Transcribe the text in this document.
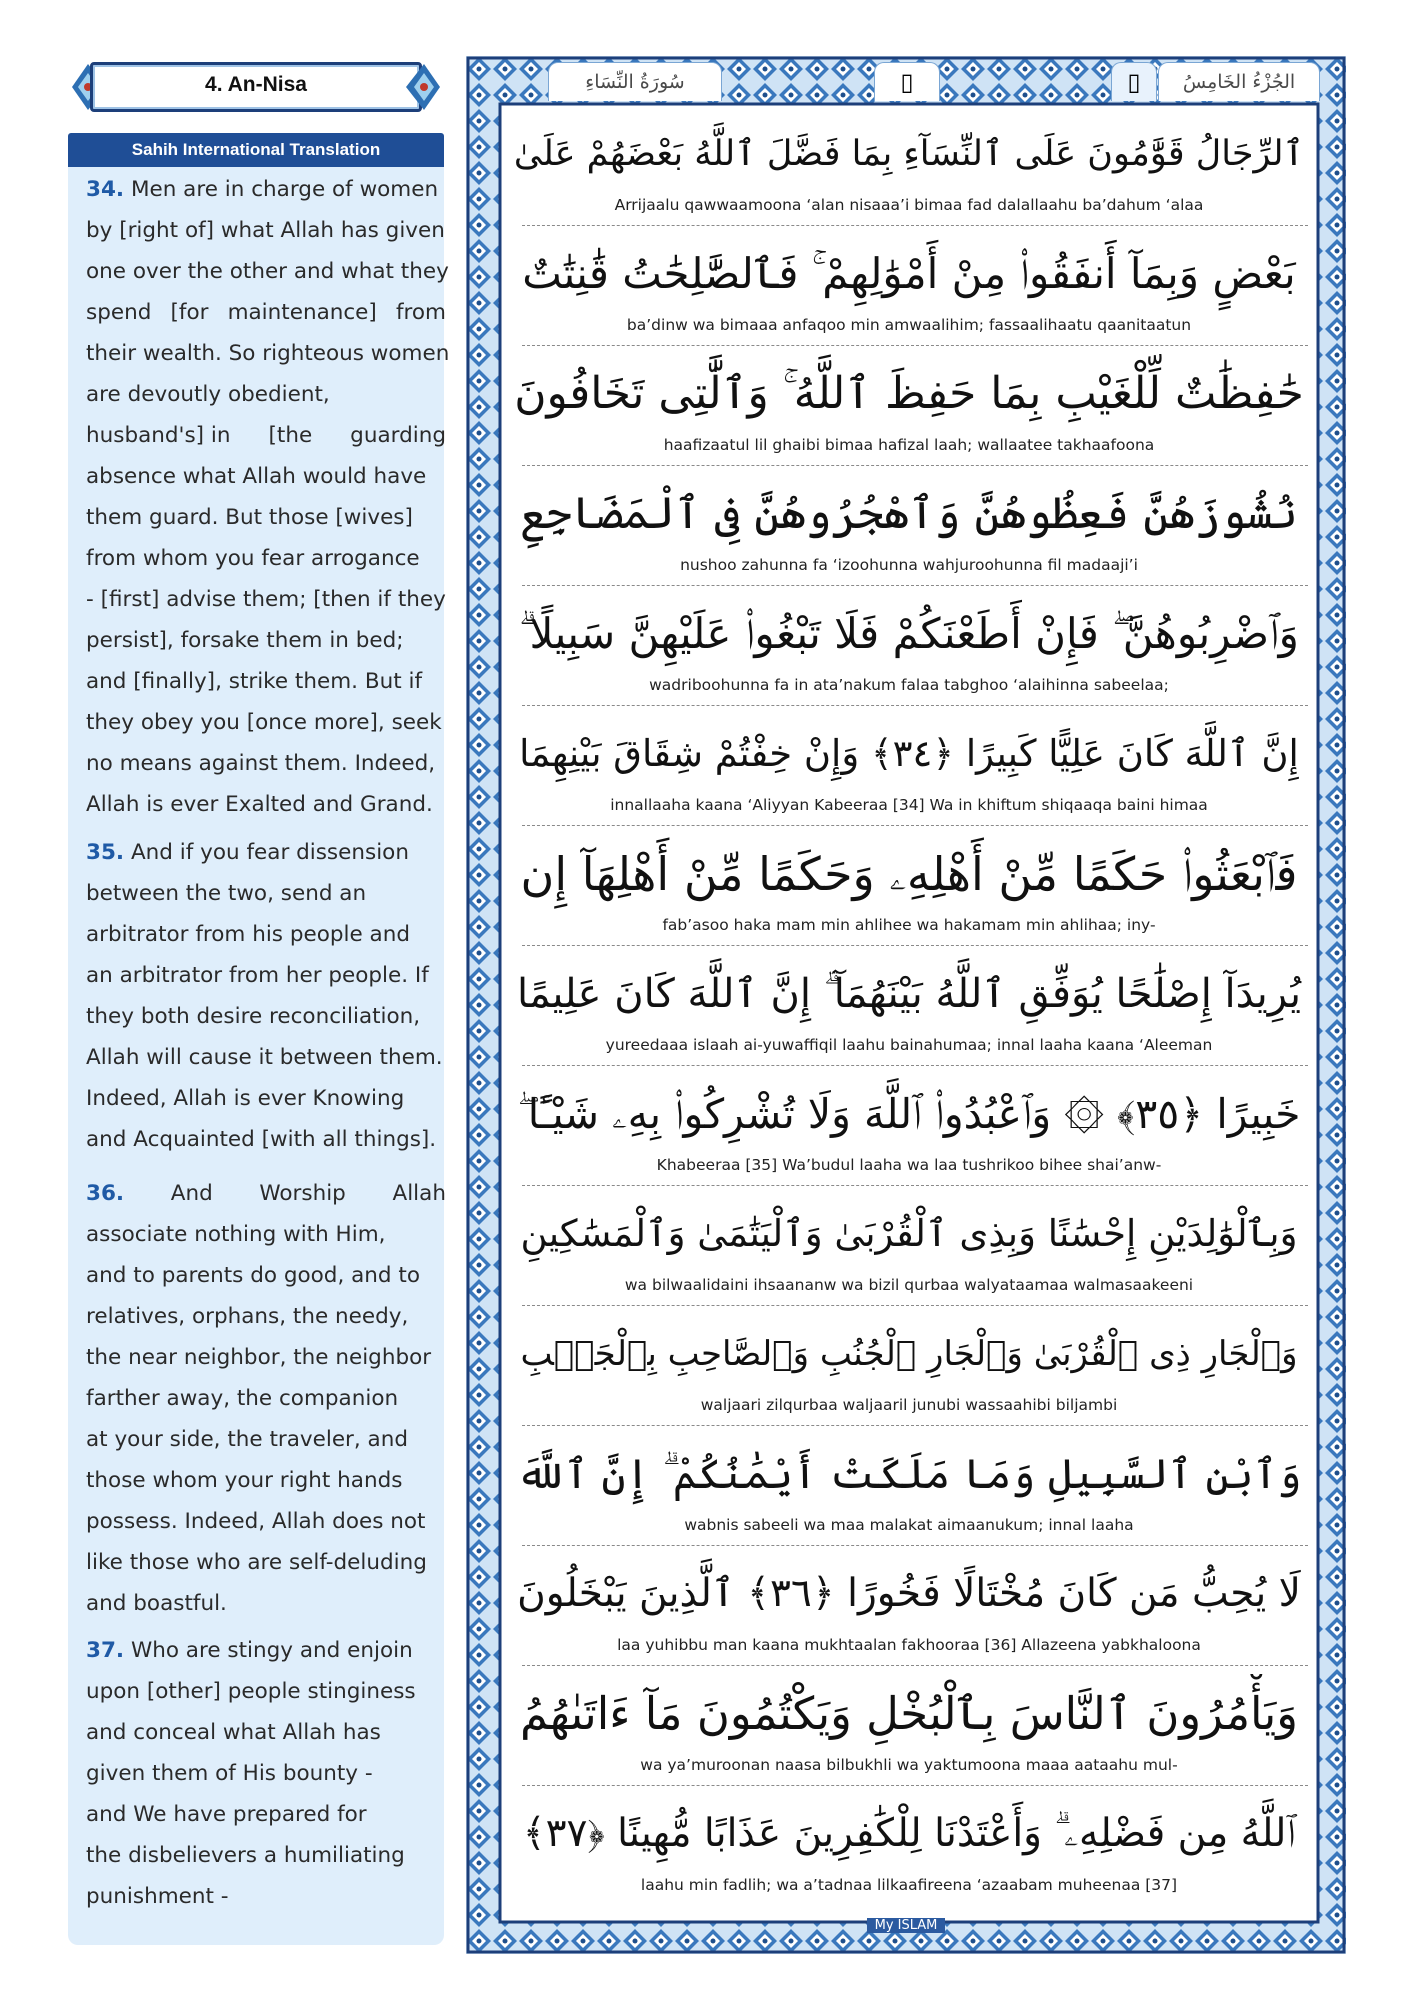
4. An-Nisa
Sahih International Translation
34. Men are in charge of women
by [right of] what Allah has given
one over the other and what they
spend [for maintenance] from
their wealth. So righteous women
are devoutly obedient,
husband's] in [the guarding
absence what Allah would have
them guard. But those [wives]
from whom you fear arrogance
- [first] advise them; [then if they
persist], forsake them in bed;
and [finally], strike them. But if
they obey you [once more], seek
no means against them. Indeed,
Allah is ever Exalted and Grand.
35. And if you fear dissension
between the two, send an
arbitrator from his people and
an arbitrator from her people. If
they both desire reconciliation,
Allah will cause it between them.
Indeed, Allah is ever Knowing
and Acquainted [with all things].
36. And Worship Allah
associate nothing with Him,
and to parents do good, and to
relatives, orphans, the needy,
the near neighbor, the neighbor
farther away, the companion
at your side, the traveler, and
those whom your right hands
possess. Indeed, Allah does not
like those who are self-deluding
and boastful.
37. Who are stingy and enjoin
upon [other] people stinginess
and conceal what Allah has
given them of His bounty -
and We have prepared for
the disbelievers a humiliating
punishment -
سُورَةُ النِّسَاءِ	▯	▯	الجُزْءُ الخَامِسُ
ٱلرِّجَالُ قَوَّٰمُونَ عَلَى ٱلنِّسَآءِ بِمَا فَضَّلَ ٱللَّهُ بَعْضَهُمْ عَلَىٰ
Arrijaalu qawwaamoona ‘alan nisaaa’i bimaa fad dalallaahu ba’dahum ‘alaa
بَعْضٍ وَبِمَآ أَنفَقُوا۟ مِنْ أَمْوَٰلِهِمْ ۚ فَٱلصَّٰلِحَٰتُ قَٰنِتَٰتٌ
ba’dinw wa bimaaa anfaqoo min amwaalihim; fassaalihaatu qaanitaatun
حَٰفِظَٰتٌ لِّلْغَيْبِ بِمَا حَفِظَ ٱللَّهُ ۚ وَٱلَّٰتِى تَخَافُونَ
haafizaatul lil ghaibi bimaa hafizal laah; wallaatee takhaafoona
نُشُوزَهُنَّ فَعِظُوهُنَّ وَٱهْجُرُوهُنَّ فِى ٱلْمَضَاجِعِ
nushoo zahunna fa ‘izoohunna wahjuroohunna fil madaaji’i
وَٱضْرِبُوهُنَّ ۖ فَإِنْ أَطَعْنَكُمْ فَلَا تَبْغُوا۟ عَلَيْهِنَّ سَبِيلًا ۗ
wadriboohunna fa in ata’nakum falaa tabghoo ‘alaihinna sabeelaa;
إِنَّ ٱللَّهَ كَانَ عَلِيًّا كَبِيرًا ﴿٣٤﴾ وَإِنْ خِفْتُمْ شِقَاقَ بَيْنِهِمَا
innallaaha kaana ‘Aliyyan Kabeeraa [34] Wa in khiftum shiqaaqa baini himaa
فَٱبْعَثُوا۟ حَكَمًا مِّنْ أَهْلِهِۦ وَحَكَمًا مِّنْ أَهْلِهَآ إِن
fab’asoo haka mam min ahlihee wa hakamam min ahlihaa; iny-
يُرِيدَآ إِصْلَٰحًا يُوَفِّقِ ٱللَّهُ بَيْنَهُمَآ ۗ إِنَّ ٱللَّهَ كَانَ عَلِيمًا
yureedaaa islaah ai-yuwaffiqil laahu bainahumaa; innal laaha kaana ‘Aleeman
خَبِيرًا ﴿٣٥﴾ ۞ وَٱعْبُدُوا۟ ٱللَّهَ وَلَا تُشْرِكُوا۟ بِهِۦ شَيْـًٔا ۖ
Khabeeraa [35] Wa’budul laaha wa laa tushrikoo bihee shai’anw-
وَبِٱلْوَٰلِدَيْنِ إِحْسَٰنًا وَبِذِى ٱلْقُرْبَىٰ وَٱلْيَتَٰمَىٰ وَٱلْمَسَٰكِينِ
wa bilwaalidaini ihsaananw wa bizil qurbaa walyataamaa walmasaakeeni
وَٱلْجَارِ ذِى ٱلْقُرْبَىٰ وَٱلْجَارِ ٱلْجُنُبِ وَٱلصَّاحِبِ بِٱلْجَنۢبِ
waljaari zilqurbaa waljaaril junubi wassaahibi biljambi
وَٱبْنِ ٱلسَّبِيلِ وَمَا مَلَكَتْ أَيْمَٰنُكُمْ ۗ إِنَّ ٱللَّهَ
wabnis sabeeli wa maa malakat aimaanukum; innal laaha
لَا يُحِبُّ مَن كَانَ مُخْتَالًا فَخُورًا ﴿٣٦﴾ ٱلَّذِينَ يَبْخَلُونَ
laa yuhibbu man kaana mukhtaalan fakhooraa [36] Allazeena yabkhaloona
وَيَأْمُرُونَ ٱلنَّاسَ بِٱلْبُخْلِ وَيَكْتُمُونَ مَآ ءَاتَىٰهُمُ
wa ya’muroonan naasa bilbukhli wa yaktumoona maaa aataahu mul-
ٱللَّهُ مِن فَضْلِهِۦ ۗ وَأَعْتَدْنَا لِلْكَٰفِرِينَ عَذَابًا مُّهِينًا ﴿٣٧﴾
laahu min fadlih; wa a’tadnaa lilkaafireena ‘azaabam muheenaa [37]
My ISLAM
